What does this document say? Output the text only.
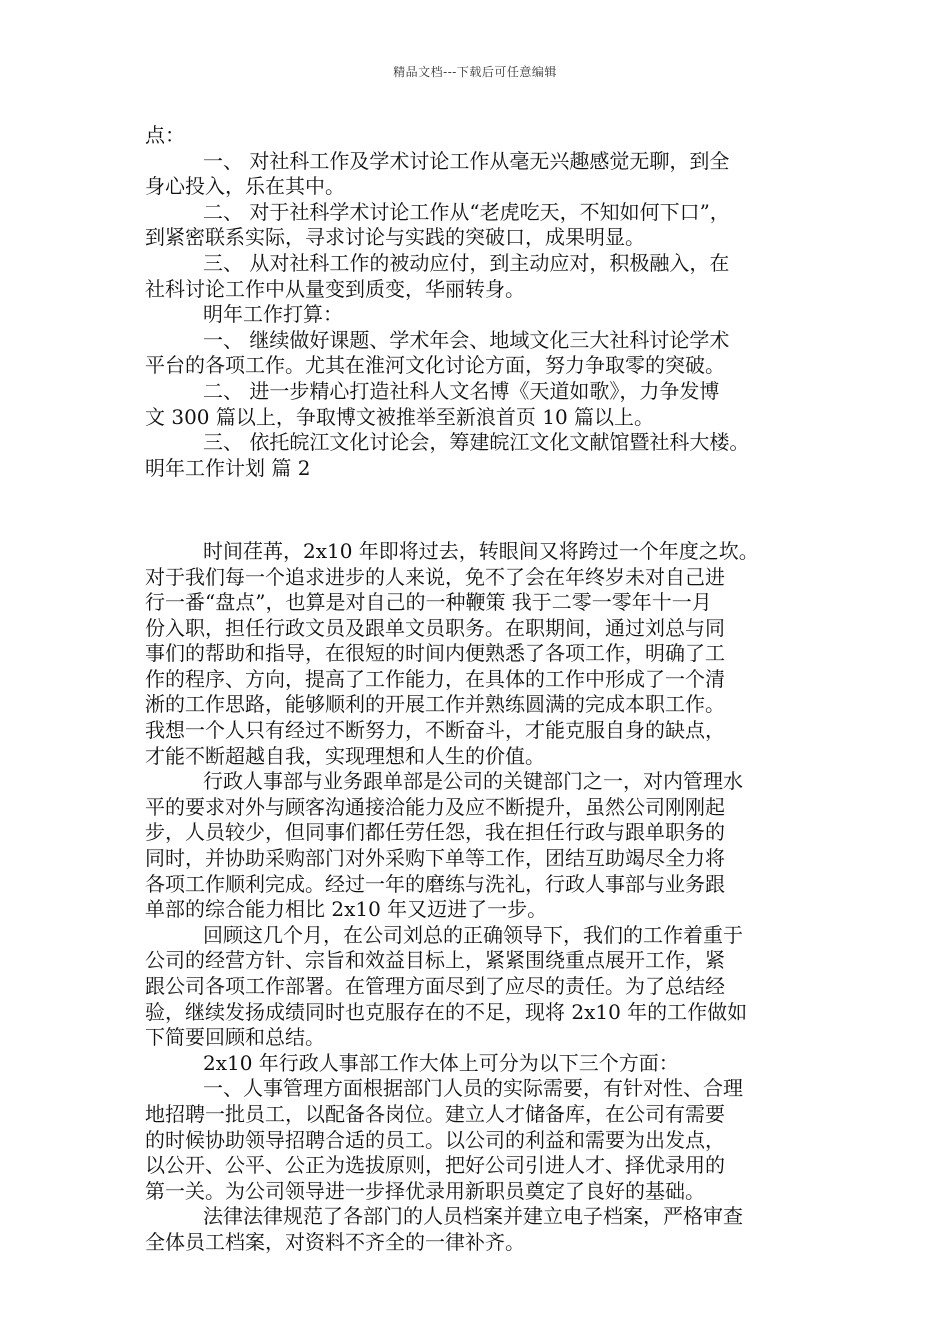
精品文档---下载后可任意编辑
点：
一、 对社科工作及学术讨论工作从毫无兴趣感觉无聊，到全
身心投入，乐在其中。
二、 对于社科学术讨论工作从“老虎吃天，不知如何下口”，
到紧密联系实际，寻求讨论与实践的突破口，成果明显。
三、 从对社科工作的被动应付，到主动应对，积极融入，在
社科讨论工作中从量变到质变，华丽转身。
明年工作打算：
一、 继续做好课题、学术年会、地域文化三大社科讨论学术
平台的各项工作。尤其在淮河文化讨论方面，努力争取零的突破。
二、 进一步精心打造社科人文名博《天道如歌》，力争发博
文 300 篇以上，争取博文被推举至新浪首页 10 篇以上。
三、 依托皖江文化讨论会，筹建皖江文化文献馆暨社科大楼。
明年工作计划 篇 2
时间荏苒，2x10 年即将过去，转眼间又将跨过一个年度之坎。
对于我们每一个追求进步的人来说，免不了会在年终岁未对自己进
行一番“盘点”，也算是对自己的一种鞭策 我于二零一零年十一月
份入职，担任行政文员及跟单文员职务。在职期间，通过刘总与同
事们的帮助和指导，在很短的时间内便熟悉了各项工作，明确了工
作的程序、方向，提高了工作能力，在具体的工作中形成了一个清
淅的工作思路，能够顺利的开展工作并熟练圆满的完成本职工作。
我想一个人只有经过不断努力，不断奋斗，才能克服自身的缺点，
才能不断超越自我，实现理想和人生的价值。
行政人事部与业务跟单部是公司的关键部门之一，对内管理水
平的要求对外与顾客沟通接洽能力及应不断提升，虽然公司刚刚起
步，人员较少，但同事们都任劳任怨，我在担任行政与跟单职务的
同时，并协助采购部门对外采购下单等工作，团结互助竭尽全力将
各项工作顺利完成。经过一年的磨练与洗礼，行政人事部与业务跟
单部的综合能力相比 2x10 年又迈进了一步。
回顾这几个月，在公司刘总的正确领导下，我们的工作着重于
公司的经营方针、宗旨和效益目标上，紧紧围绕重点展开工作，紧
跟公司各项工作部署。在管理方面尽到了应尽的责任。为了总结经
验，继续发扬成绩同时也克服存在的不足，现将 2x10 年的工作做如
下简要回顾和总结。
2x10 年行政人事部工作大体上可分为以下三个方面：
一、人事管理方面根据部门人员的实际需要，有针对性、合理
地招聘一批员工，以配备各岗位。建立人才储备库，在公司有需要
的时候协助领导招聘合适的员工。以公司的利益和需要为出发点，
以公开、公平、公正为选拔原则，把好公司引进人才、择优录用的
第一关。为公司领导进一步择优录用新职员奠定了良好的基础。
法律法律规范了各部门的人员档案并建立电子档案，严格审查
全体员工档案，对资料不齐全的一律补齐。
